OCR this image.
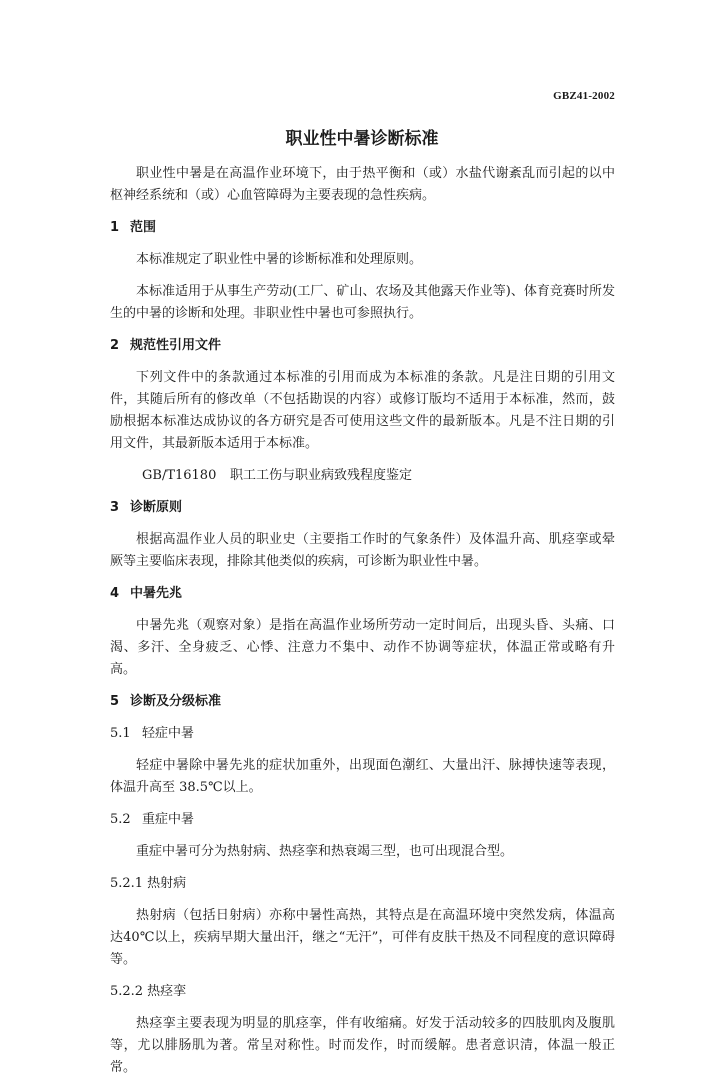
GBZ41-2002
职业性中暑诊断标准

职业性中暑是在高温作业环境下，由于热平衡和（或）水盐代谢紊乱而引起的以中枢神经系统和（或）心血管障碍为主要表现的急性疾病。

1 范围

本标准规定了职业性中暑的诊断标准和处理原则。

本标准适用于从事生产劳动(工厂、矿山、农场及其他露天作业等)、体育竞赛时所发生的中暑的诊断和处理。非职业性中暑也可参照执行。

2 规范性引用文件

下列文件中的条款通过本标准的引用而成为本标准的条款。凡是注日期的引用文件，其随后所有的修改单（不包括勘误的内容）或修订版均不适用于本标准，然而，鼓励根据本标准达成协议的各方研究是否可使用这些文件的最新版本。凡是不注日期的引用文件，其最新版本适用于本标准。

GB/T16180 职工工伤与职业病致残程度鉴定
3 诊断原则

根据高温作业人员的职业史（主要指工作时的气象条件）及体温升高、肌痉挛或晕厥等主要临床表现，排除其他类似的疾病，可诊断为职业性中暑。

4 中暑先兆

中暑先兆（观察对象）是指在高温作业场所劳动一定时间后，出现头昏、头痛、口渴、多汗、全身疲乏、心悸、注意力不集中、动作不协调等症状，体温正常或略有升高。

5 诊断及分级标准
5.1 轻症中暑

轻症中暑除中暑先兆的症状加重外，出现面色潮红、大量出汗、脉搏快速等表现，体温升高至 38.5℃以上。

5.2 重症中暑

重症中暑可分为热射病、热痉挛和热衰竭三型，也可出现混合型。

5.2.1 热射病

热射病（包括日射病）亦称中暑性高热，其特点是在高温环境中突然发病，体温高达40℃以上，疾病早期大量出汗，继之“无汗”，可伴有皮肤干热及不同程度的意识障碍等。

5.2.2 热痉挛

热痉挛主要表现为明显的肌痉挛，伴有收缩痛。好发于活动较多的四肢肌肉及腹肌等，尤以腓肠肌为著。常呈对称性。时而发作，时而缓解。患者意识清，体温一般正常。
